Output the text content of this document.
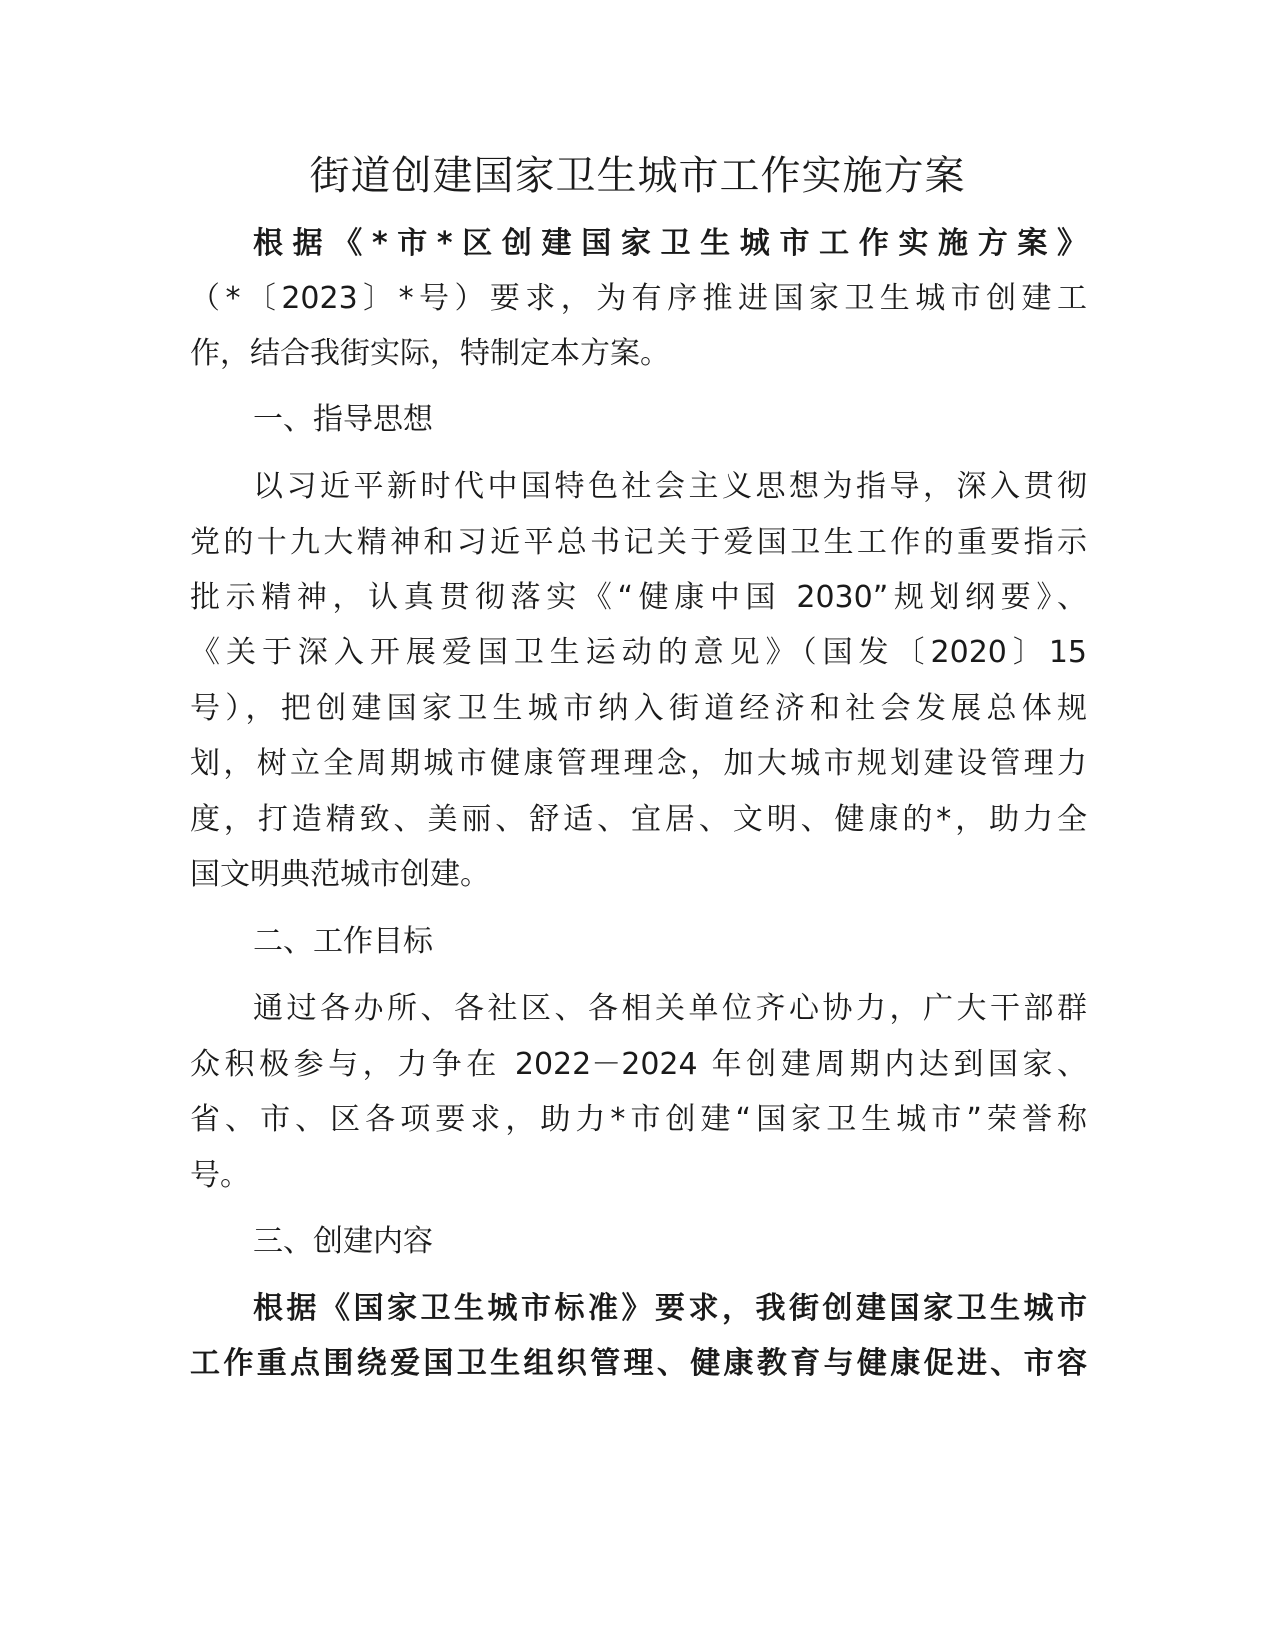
街道创建国家卫生城市工作实施方案
根据《*市*区创建国家卫生城市工作实施方案》
（*〔2023〕*号）要求，为有序推进国家卫生城市创建工
作，结合我街实际，特制定本方案。
一、指导思想
以习近平新时代中国特色社会主义思想为指导，深入贯彻
党的十九大精神和习近平总书记关于爱国卫生工作的重要指示
批示精神，认真贯彻落实《“健康中国 2030”规划纲要》、
《关于深入开展爱国卫生运动的意见》（国发〔2020〕15
号），把创建国家卫生城市纳入街道经济和社会发展总体规
划，树立全周期城市健康管理理念，加大城市规划建设管理力
度，打造精致、美丽、舒适、宜居、文明、健康的*，助力全
国文明典范城市创建。
二、工作目标
通过各办所、各社区、各相关单位齐心协力，广大干部群
众积极参与，力争在 2022－2024 年创建周期内达到国家、
省、市、区各项要求，助力*市创建“国家卫生城市”荣誉称
号。
三、创建内容
根据《国家卫生城市标准》要求，我街创建国家卫生城市
工作重点围绕爱国卫生组织管理、健康教育与健康促进、市容
